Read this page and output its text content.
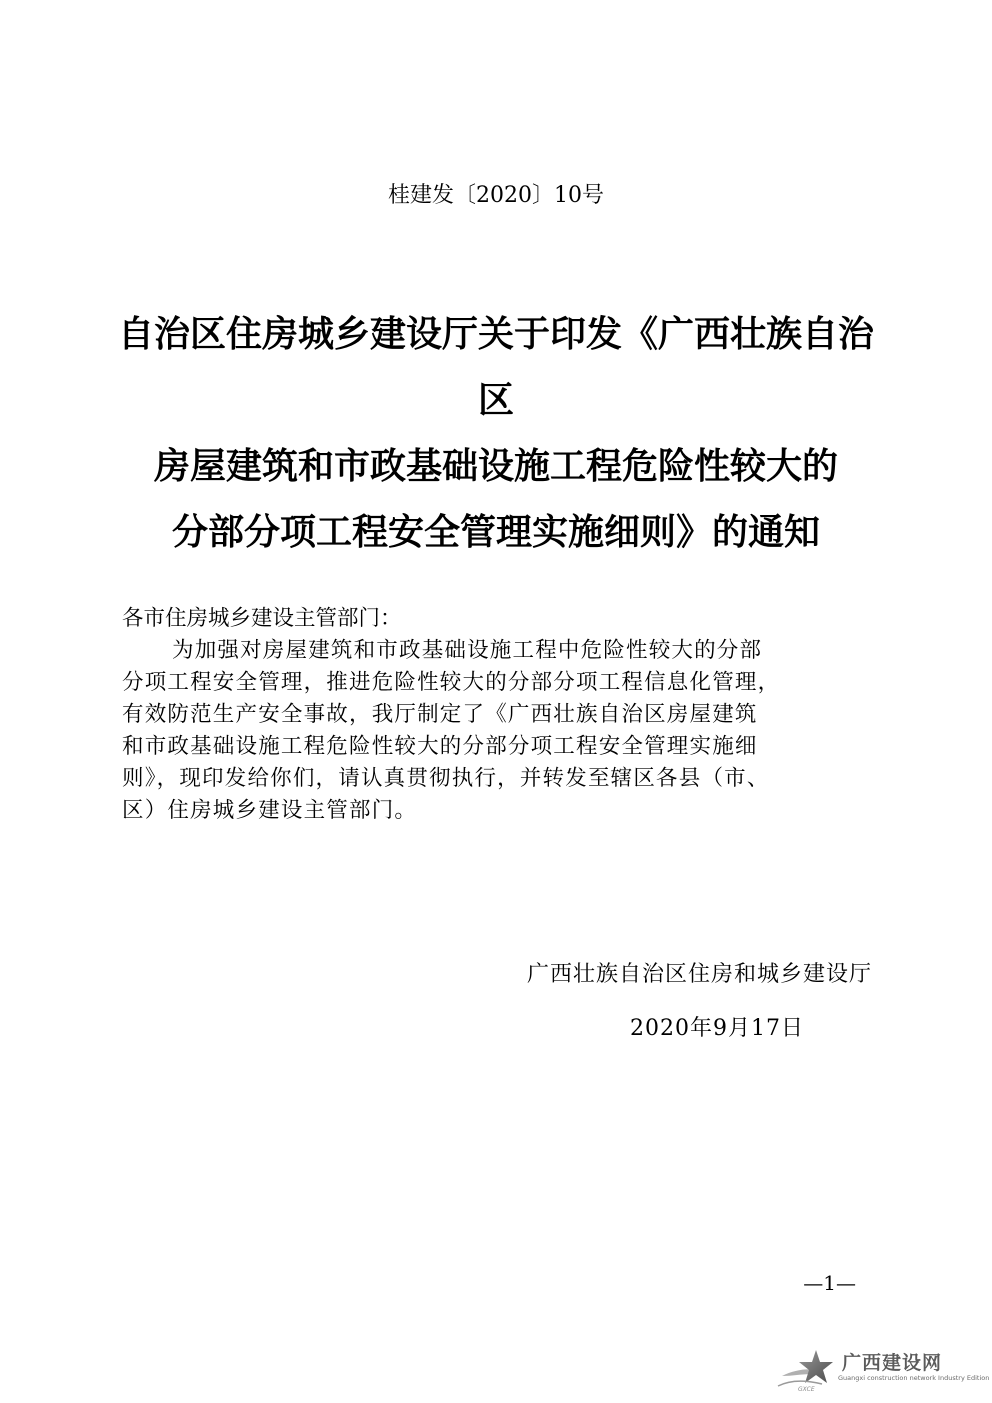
桂建发〔2020〕10号
自治区住房城乡建设厅关于印发《广西壮族自治
区
房屋建筑和市政基础设施工程危险性较大的
分部分项工程安全管理实施细则》的通知
各市住房城乡建设主管部门：
为加强对房屋建筑和市政基础设施工程中危险性较大的分部
分项工程安全管理，推进危险性较大的分部分项工程信息化管理，
有效防范生产安全事故，我厅制定了《广西壮族自治区房屋建筑
和市政基础设施工程危险性较大的分部分项工程安全管理实施细
则》，现印发给你们，请认真贯彻执行，并转发至辖区各县（市、
区）住房城乡建设主管部门。
广西壮族自治区住房和城乡建设厅
2020年9月17日
—1—
GXCE
广西建设网
Guangxi construction network Industry Edition
